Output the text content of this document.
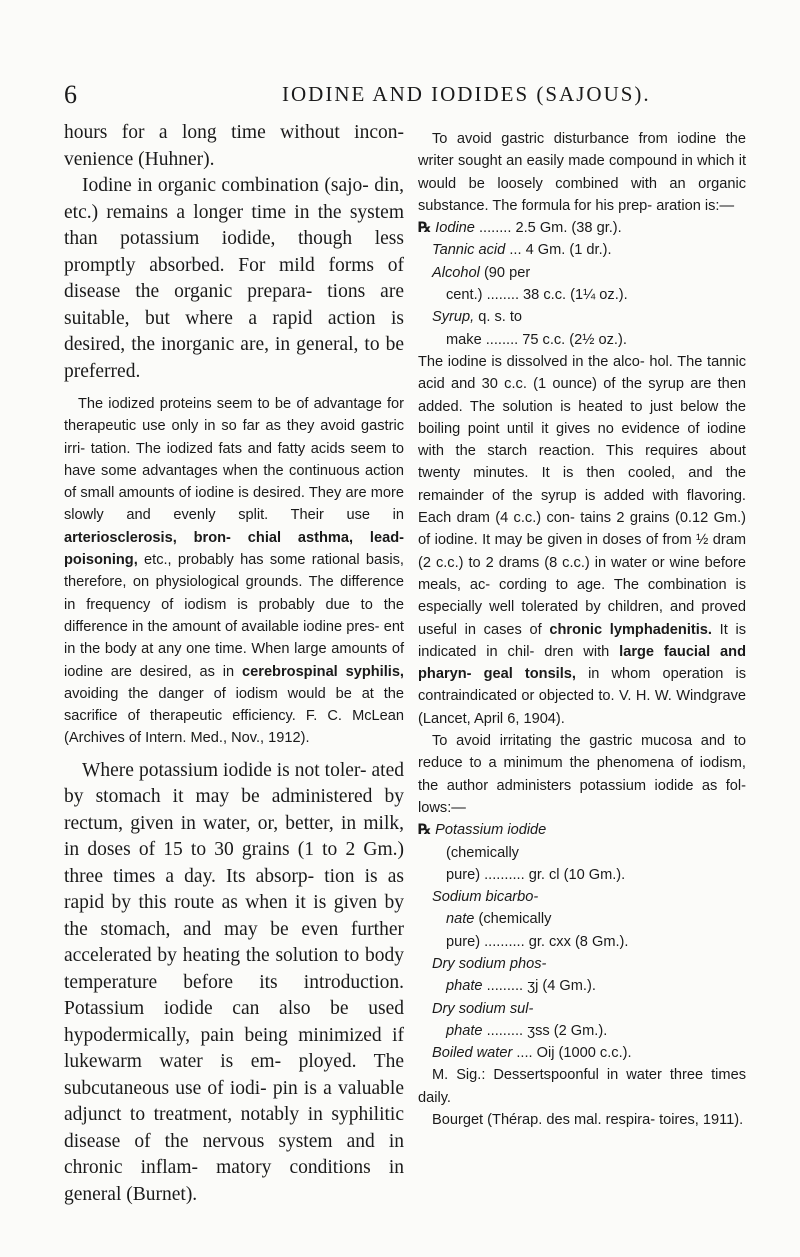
6	IODINE AND IODIDES (SAJOUS).

hours for a long time without incon- venience (Huhner).

Iodine in organic combination (sajo- din, etc.) remains a longer time in the system than potassium iodide, though less promptly absorbed. For mild forms of disease the organic prepara- tions are suitable, but where a rapid action is desired, the inorganic are, in general, to be preferred.

The iodized proteins seem to be of advantage for therapeutic use only in so far as they avoid gastric irri- tation. The iodized fats and fatty acids seem to have some advantages when the continuous action of small amounts of iodine is desired. They are more slowly and evenly split. Their use in arteriosclerosis, bron- chial asthma, lead-poisoning, etc., probably has some rational basis, therefore, on physiological grounds. The difference in frequency of iodism is probably due to the difference in the amount of available iodine pres- ent in the body at any one time. When large amounts of iodine are desired, as in cerebrospinal syphilis, avoiding the danger of iodism would be at the sacrifice of therapeutic efficiency. F. C. McLean (Archives of Intern. Med., Nov., 1912).

Where potassium iodide is not toler- ated by stomach it may be administered by rectum, given in water, or, better, in milk, in doses of 15 to 30 grains (1 to 2 Gm.) three times a day. Its absorp- tion is as rapid by this route as when it is given by the stomach, and may be even further accelerated by heating the solution to body temperature before its introduction. Potassium iodide can also be used hypodermically, pain being minimized if lukewarm water is em- ployed. The subcutaneous use of iodi- pin is a valuable adjunct to treatment, notably in syphilitic disease of the nervous system and in chronic inflam- matory conditions in general (Burnet).

To avoid gastric disturbance from iodine the writer sought an easily made compound in which it would be loosely combined with an organic substance. The formula for his prep- aration is:—

℞ Iodine ........ 2.5 Gm. (38 gr.).
Tannic acid ... 4 Gm. (1 dr.).
Alcohol (90 per
cent.) ........ 38 c.c. (1¼ oz.).
Syrup, q. s. to
make ........ 75 c.c. (2½ oz.).

The iodine is dissolved in the alco- hol. The tannic acid and 30 c.c. (1 ounce) of the syrup are then added. The solution is heated to just below the boiling point until it gives no evidence of iodine with the starch reaction. This requires about twenty minutes. It is then cooled, and the remainder of the syrup is added with flavoring. Each dram (4 c.c.) con- tains 2 grains (0.12 Gm.) of iodine. It may be given in doses of from ½ dram (2 c.c.) to 2 drams (8 c.c.) in water or wine before meals, ac- cording to age. The combination is especially well tolerated by children, and proved useful in cases of chronic lymphadenitis. It is indicated in chil- dren with large faucial and pharyn- geal tonsils, in whom operation is contraindicated or objected to. V. H. W. Windgrave (Lancet, April 6, 1904).

To avoid irritating the gastric mucosa and to reduce to a minimum the phenomena of iodism, the author administers potassium iodide as fol- lows:—

℞ Potassium iodide
(chemically
pure) .......... gr. cl (10 Gm.).
Sodium bicarbo-
nate (chemically
pure) .......... gr. cxx (8 Gm.).
Dry sodium phos-
phate ......... ʒj (4 Gm.).
Dry sodium sul-
phate ......... ʒss (2 Gm.).
Boiled water .... Oij (1000 c.c.).

M. Sig.: Dessertspoonful in water three times daily.

Bourget (Thérap. des mal. respira- toires, 1911).
